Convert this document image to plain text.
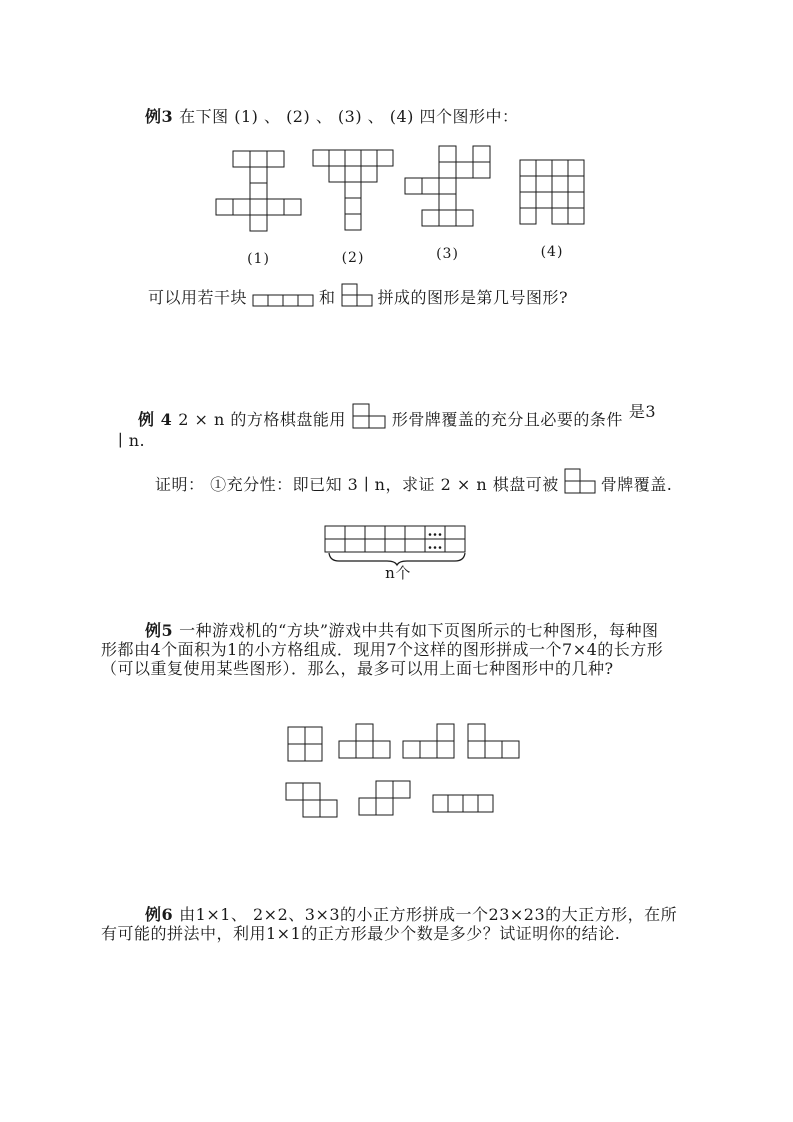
例3 在下图 (1) 、 (2) 、 (3) 、 (4) 四个图形中：
(1)	(2)	(3)	(4)
可以用若干块	和	拼成的图形是第几号图形?
例 4 2 × n 的方格棋盘能用	形骨牌覆盖的充分且必要的条件 是3
∣ n.
证明： ①充分性：即已知 3 ∣ n，求证 2 × n 棋盘可被	骨牌覆盖.
n个
例5 一种游戏机的“方块”游戏中共有如下页图所示的七种图形，每种图
形都由4个面积为1的小方格组成．现用7个这样的图形拼成一个7×4的长方形
（可以重复使用某些图形）．那么，最多可以用上面七种图形中的几种?
例6 由1×1、 2×2、3×3的小正方形拼成一个23×23的大正方形，在所
有可能的拼法中，利用1×1的正方形最少个数是多少？试证明你的结论.
